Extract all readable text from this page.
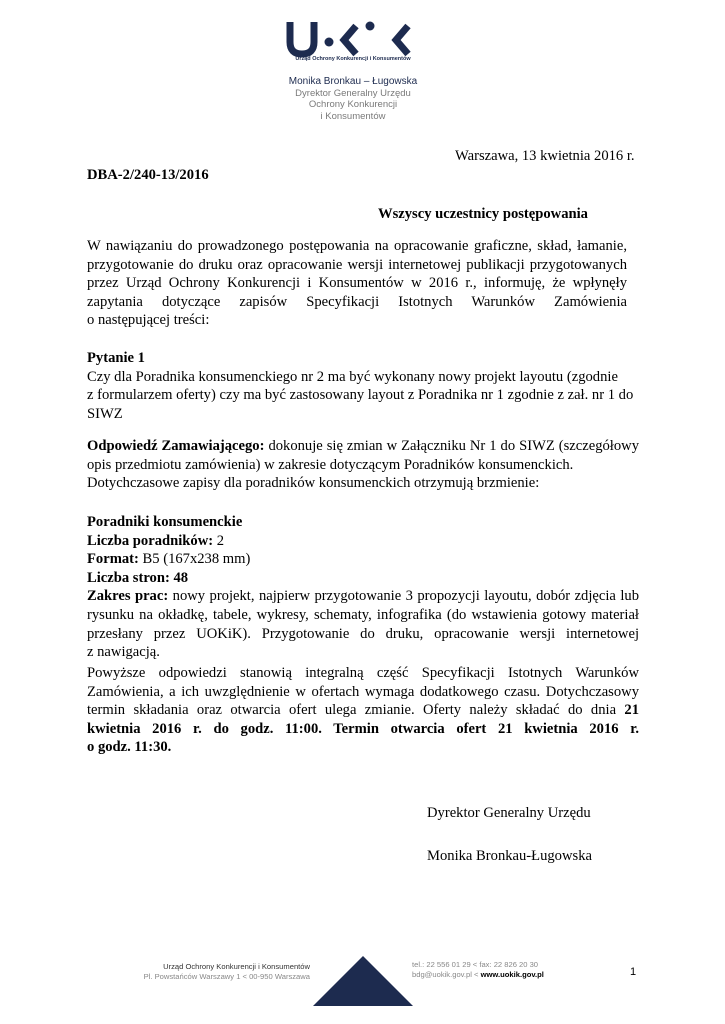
Urząd Ochrony Konkurencji i Konsumentów
Monika Bronkau – Ługowska
Dyrektor Generalny Urzędu
Ochrony Konkurencji
i Konsumentów
Warszawa, 13 kwietnia 2016 r.
DBA-2/240-13/2016
Wszyscy uczestnicy postępowania
W nawiązaniu do prowadzonego postępowania na opracowanie graficzne, skład, łamanie,
przygotowanie do druku oraz opracowanie wersji internetowej publikacji przygotowanych
przez Urząd Ochrony Konkurencji i Konsumentów w 2016 r., informuję, że wpłynęły
zapytania dotyczące zapisów Specyfikacji Istotnych Warunków Zamówienia
o następującej treści:
Pytanie 1
Czy dla Poradnika konsumenckiego nr 2 ma być wykonany nowy projekt layoutu (zgodnie
z formularzem oferty) czy ma być zastosowany layout z Poradnika nr 1 zgodnie z zał. nr 1 do
SIWZ
Odpowiedź Zamawiającego: dokonuje się zmian w Załączniku Nr 1 do SIWZ (szczegółowy
opis przedmiotu zamówienia) w zakresie dotyczącym Poradników konsumenckich.
Dotychczasowe zapisy dla poradników konsumenckich otrzymują brzmienie:
Poradniki konsumenckie
Liczba poradników: 2
Format: B5 (167x238 mm)
Liczba stron: 48
Zakres prac: nowy projekt, najpierw przygotowanie 3 propozycji layoutu, dobór zdjęcia lub
rysunku na okładkę, tabele, wykresy, schematy, infografika (do wstawienia gotowy materiał
przesłany przez UOKiK). Przygotowanie do druku, opracowanie wersji internetowej
z nawigacją.
Powyższe odpowiedzi stanowią integralną część Specyfikacji Istotnych Warunków
Zamówienia, a ich uwzględnienie w ofertach wymaga dodatkowego czasu. Dotychczasowy
termin składania oraz otwarcia ofert ulega zmianie. Oferty należy składać do dnia 21
kwietnia 2016 r. do godz. 11:00. Termin otwarcia ofert 21 kwietnia 2016 r.
o godz. 11:30.
Dyrektor Generalny Urzędu
Monika Bronkau-Ługowska
Urząd Ochrony Konkurencji i Konsumentów
Pl. Powstańców Warszawy 1 < 00-950 Warszawa
tel.: 22 556 01 29 < fax: 22 826 20 30
bdg@uokik.gov.pl < www.uokik.gov.pl	1
